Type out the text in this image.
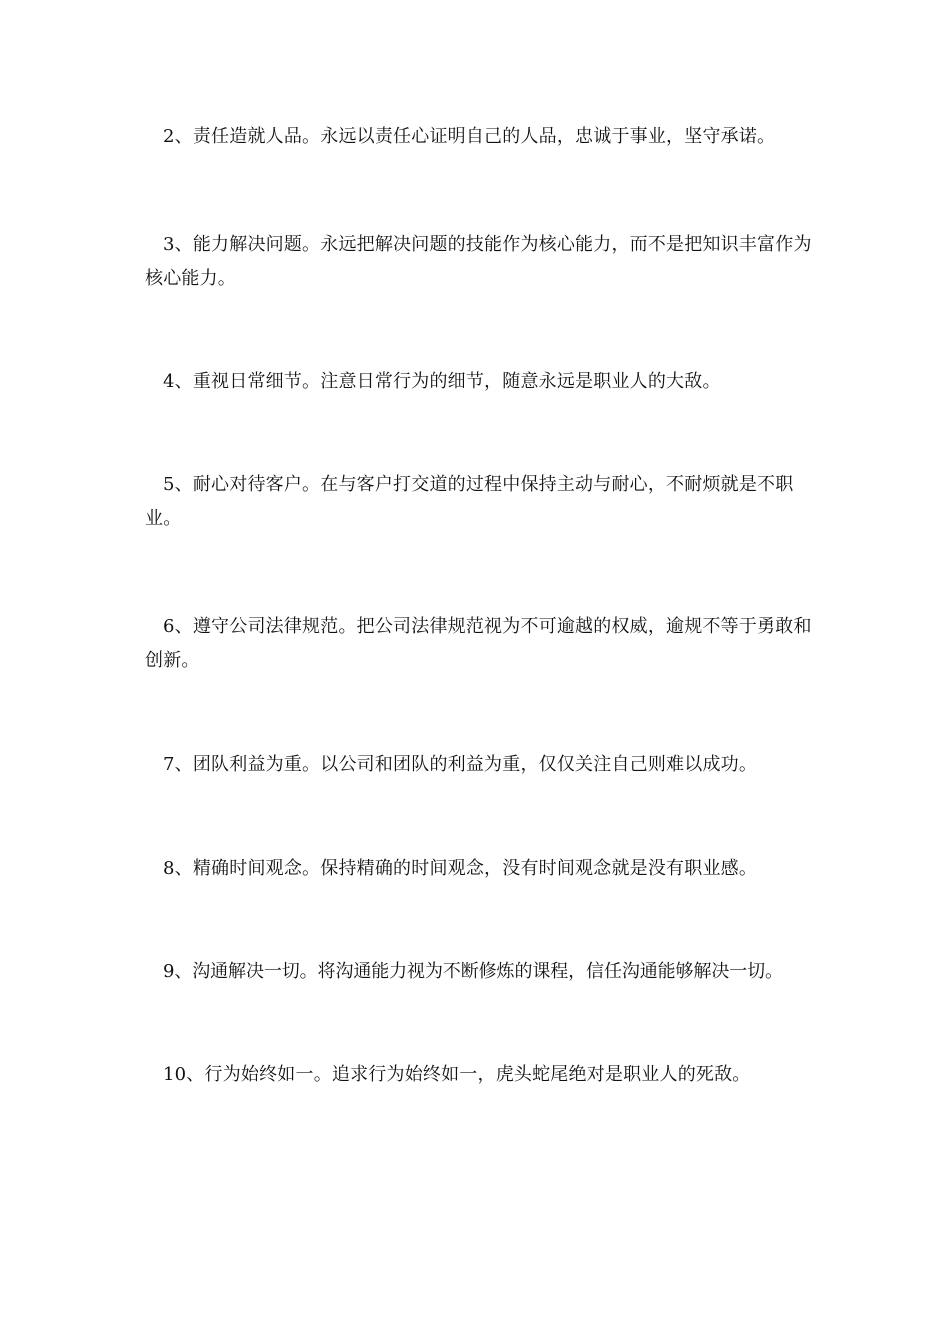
2、责任造就人品。永远以责任心证明自己的人品，忠诚于事业，坚守承诺。

3、能力解决问题。永远把解决问题的技能作为核心能力，而不是把知识丰富作为核心能力。

4、重视日常细节。注意日常行为的细节，随意永远是职业人的大敌。

5、耐心对待客户。在与客户打交道的过程中保持主动与耐心，不耐烦就是不职业。

6、遵守公司法律规范。把公司法律规范视为不可逾越的权威，逾规不等于勇敢和创新。

7、团队利益为重。以公司和团队的利益为重，仅仅关注自己则难以成功。

8、精确时间观念。保持精确的时间观念，没有时间观念就是没有职业感。

9、沟通解决一切。将沟通能力视为不断修炼的课程，信任沟通能够解决一切。

10、行为始终如一。追求行为始终如一，虎头蛇尾绝对是职业人的死敌。
